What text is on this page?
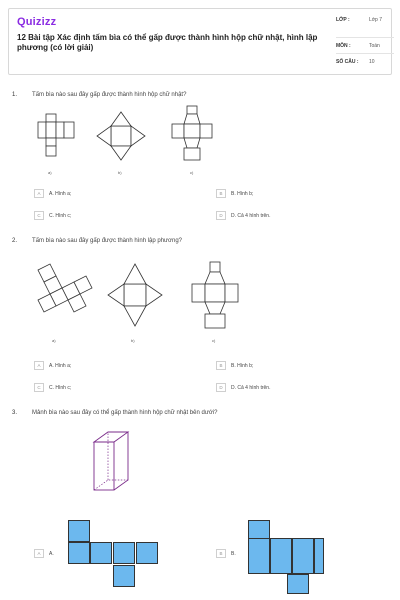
Quizizz
12 Bài tập Xác định tấm bìa có thể gấp được thành hình hộp chữ nhật, hình lập phương (có lời giải)
LỚP :	Lớp 7
MÔN :	Toán
SỐ CÂU : 10
1. Tấm bìa nào sau đây gấp được thành hình hộp chữ nhật?
a)	b)	c)
A	A. Hình a;	B	B. Hình b;
C	C. Hình c;	D	D. Cả 4 hình trên.
2. Tấm bìa nào sau đây gấp được thành hình lập phương?
a)	b)	c)
A	A. Hình a;	B	B. Hình b;
C	C. Hình c;	D	D. Cả 4 hình trên.
3. Mảnh bìa nào sau đây có thể gấp thành hình hộp chữ nhật bên dưới?
A	A.	B	B.
